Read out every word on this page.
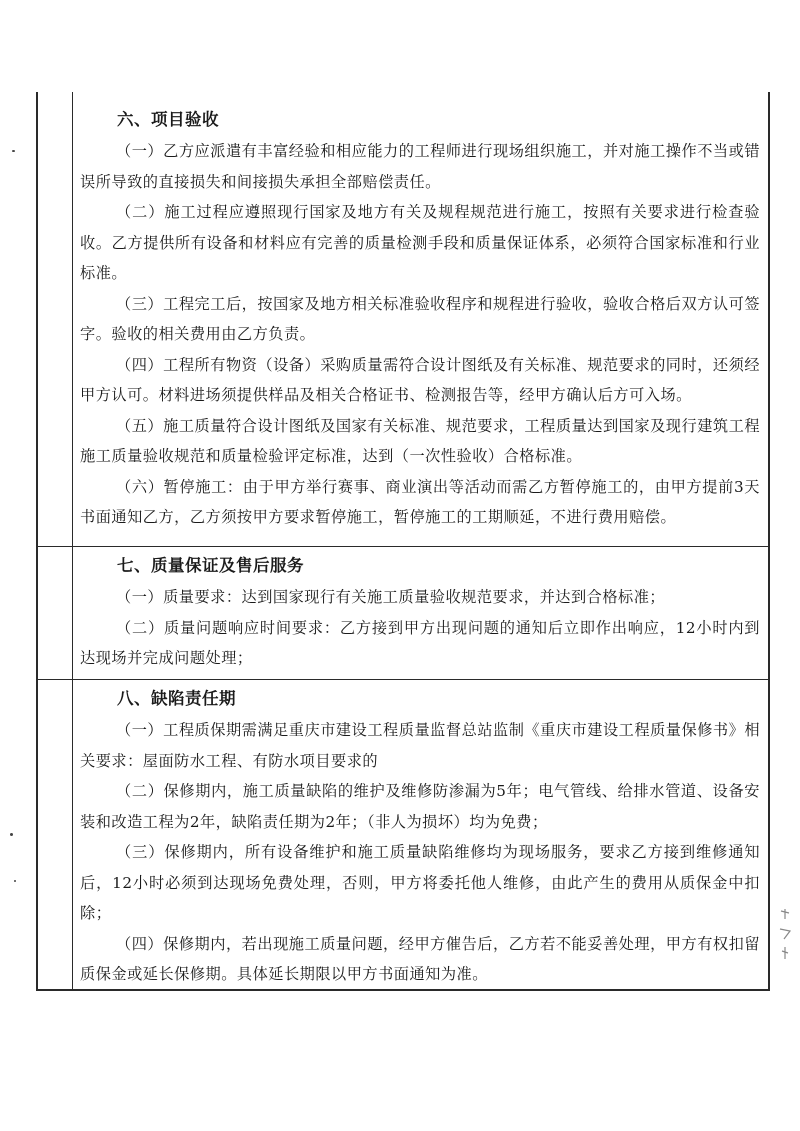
六、项目验收
（一）乙方应派遣有丰富经验和相应能力的工程师进行现场组织施工，并对施工操作不当或错误所导致的直接损失和间接损失承担全部赔偿责任。
（二）施工过程应遵照现行国家及地方有关及规程规范进行施工，按照有关要求进行检查验收。乙方提供所有设备和材料应有完善的质量检测手段和质量保证体系，必须符合国家标准和行业标准。
（三）工程完工后，按国家及地方相关标准验收程序和规程进行验收，验收合格后双方认可签字。验收的相关费用由乙方负责。
（四）工程所有物资（设备）采购质量需符合设计图纸及有关标准、规范要求的同时，还须经甲方认可。材料进场须提供样品及相关合格证书、检测报告等，经甲方确认后方可入场。
（五）施工质量符合设计图纸及国家有关标准、规范要求，工程质量达到国家及现行建筑工程施工质量验收规范和质量检验评定标准，达到（一次性验收）合格标准。
（六）暂停施工：由于甲方举行赛事、商业演出等活动而需乙方暂停施工的，由甲方提前3天书面通知乙方，乙方须按甲方要求暂停施工，暂停施工的工期顺延，不进行费用赔偿。
七、质量保证及售后服务
（一）质量要求：达到国家现行有关施工质量验收规范要求，并达到合格标准；
（二）质量问题响应时间要求：乙方接到甲方出现问题的通知后立即作出响应，12小时内到达现场并完成问题处理；
八、缺陷责任期
（一）工程质保期需满足重庆市建设工程质量监督总站监制《重庆市建设工程质量保修书》相关要求：屋面防水工程、有防水项目要求的
（二）保修期内，施工质量缺陷的维护及维修防渗漏为5年；电气管线、给排水管道、设备安装和改造工程为2年，缺陷责任期为2年；（非人为损坏）均为免费；
（三）保修期内，所有设备维护和施工质量缺陷维修均为现场服务，要求乙方接到维修通知后，12小时必须到达现场免费处理，否则，甲方将委托他人维修，由此产生的费用从质保金中扣除；
（四）保修期内，若出现施工质量问题，经甲方催告后，乙方若不能妥善处理，甲方有权扣留质保金或延长保修期。具体延长期限以甲方书面通知为准。
